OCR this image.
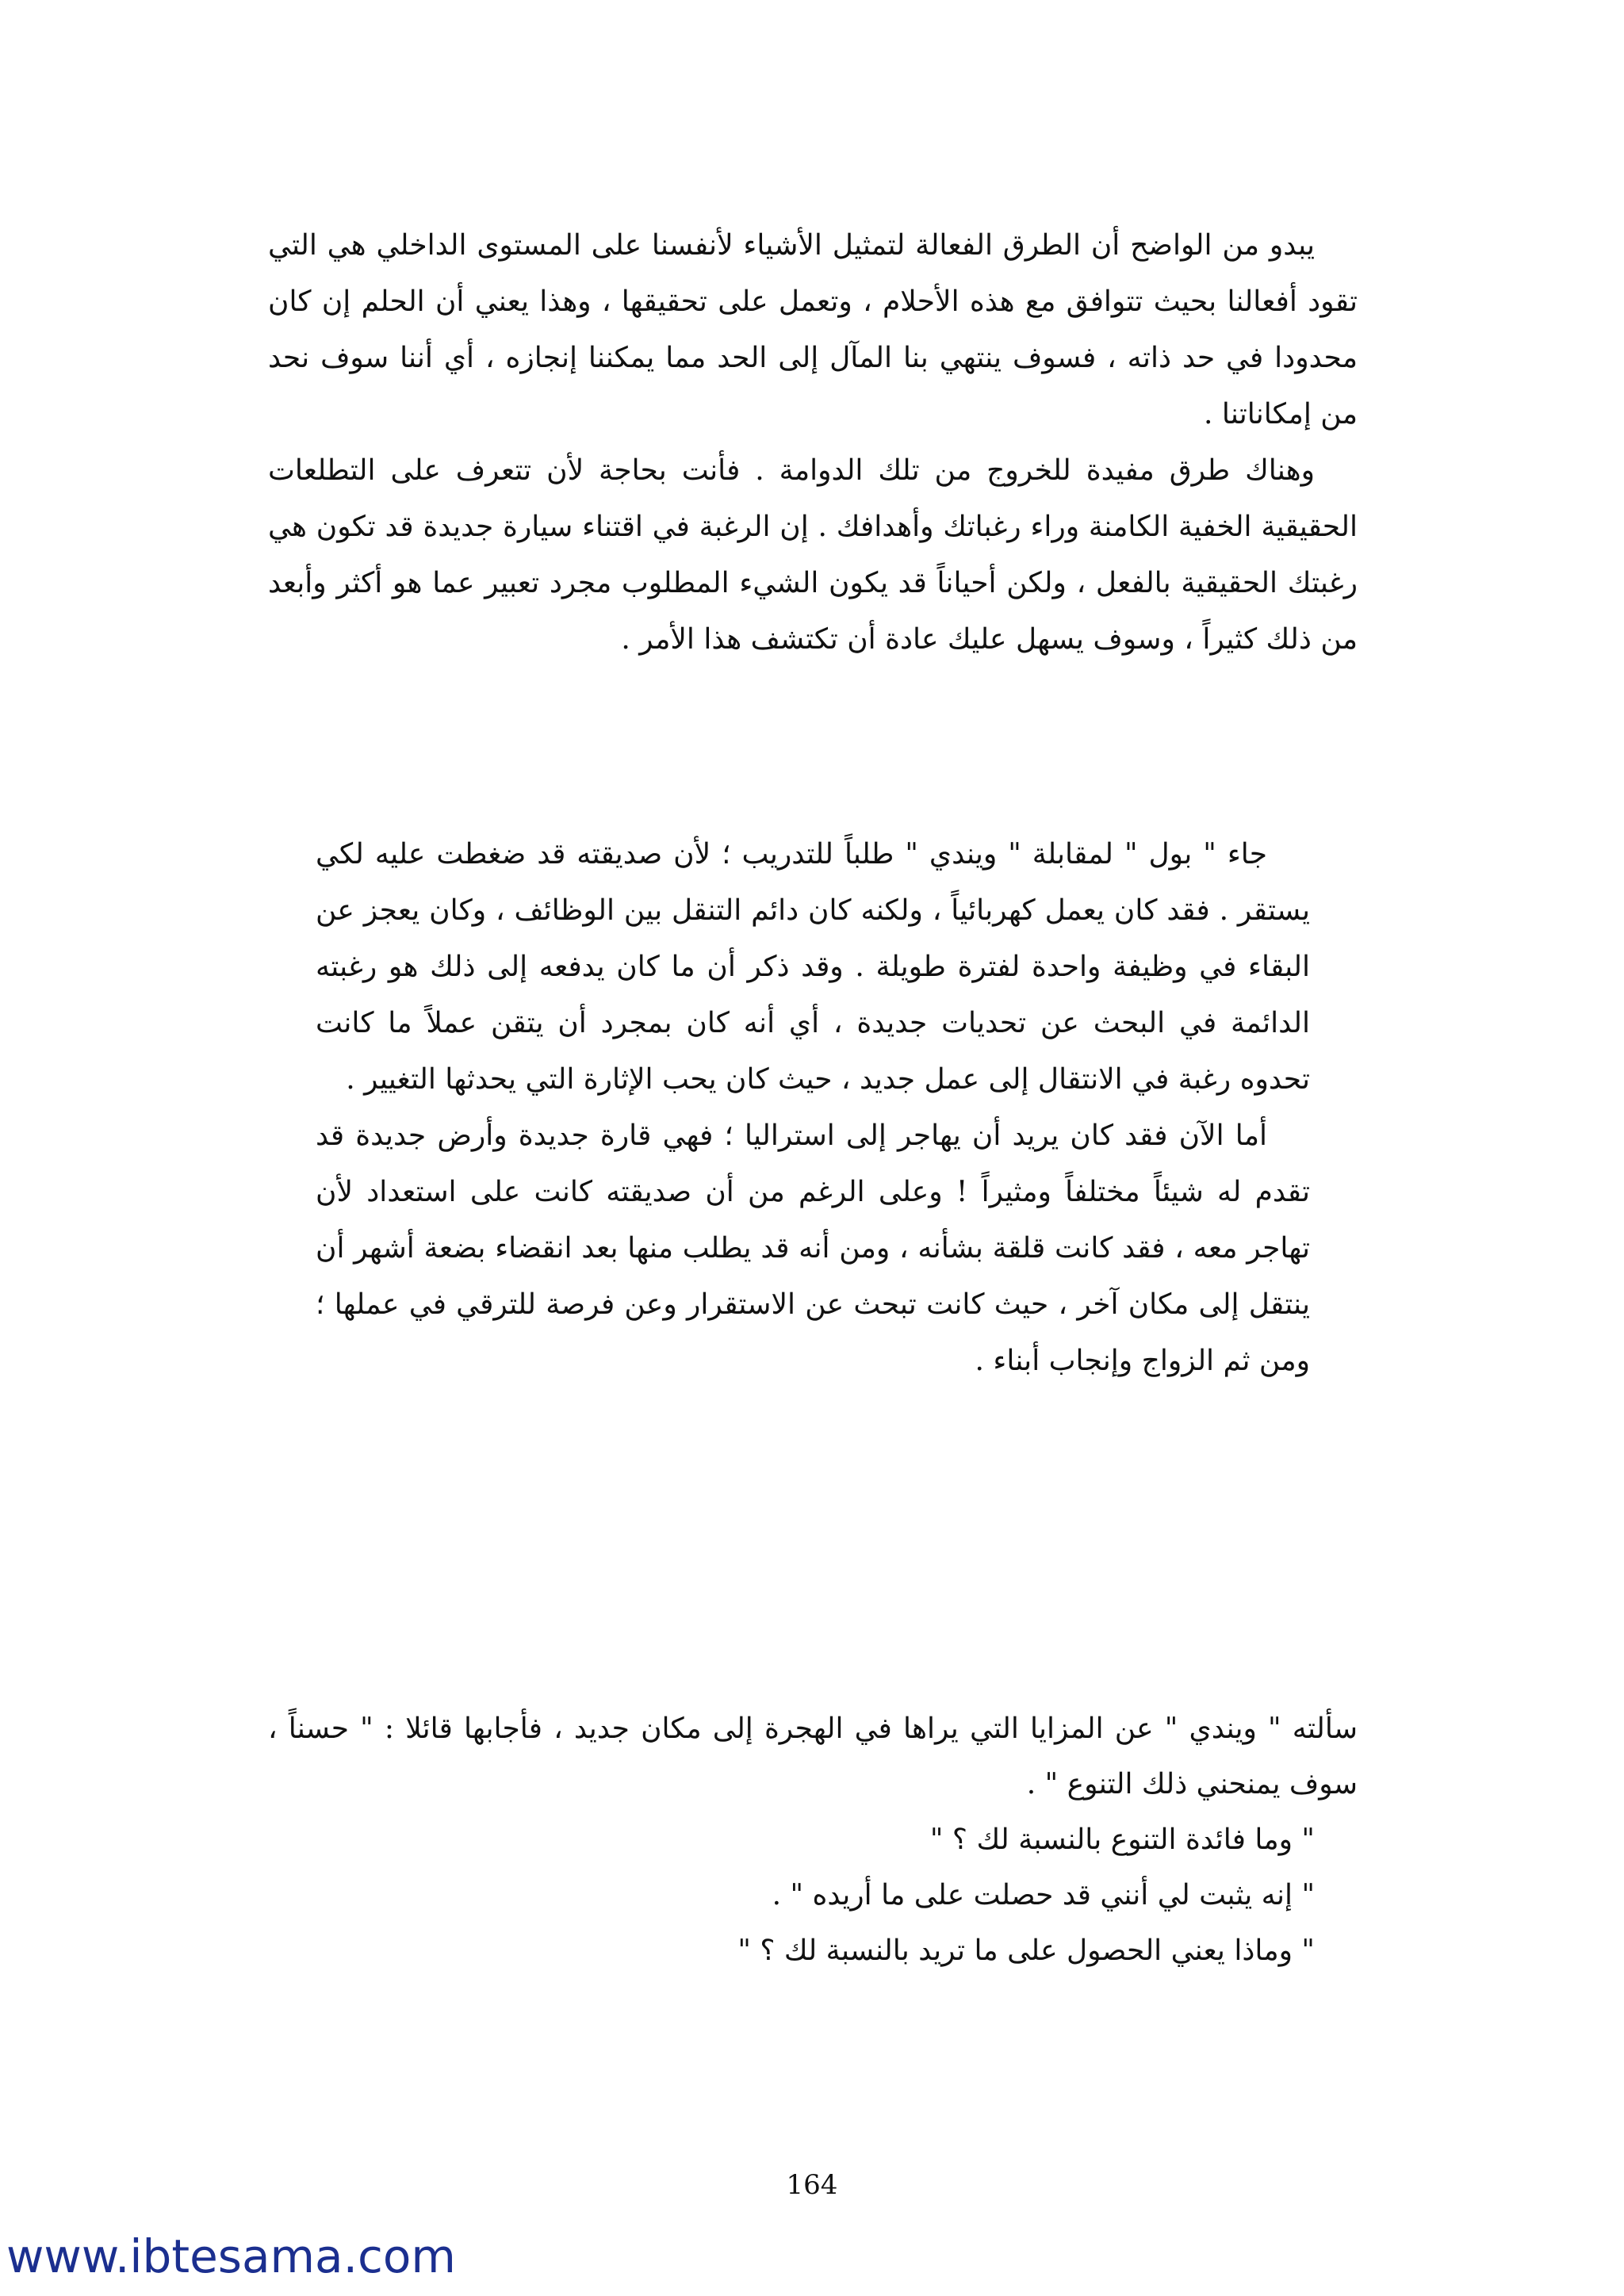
يبدو من الواضح أن الطرق الفعالة لتمثيل الأشياء لأنفسنا على المستوى الداخلي هي التي تقود أفعالنا بحيث تتوافق مع هذه الأحلام ، وتعمل على تحقيقها ، وهذا يعني أن الحلم إن كان محدودا في حد ذاته ، فسوف ينتهي بنا المآل إلى الحد مما يمكننا إنجازه ، أي أننا سوف نحد من إمكاناتنا .

وهناك طرق مفيدة للخروج من تلك الدوامة . فأنت بحاجة لأن تتعرف على التطلعات الحقيقية الخفية الكامنة وراء رغباتك وأهدافك . إن الرغبة في اقتناء سيارة جديدة قد تكون هي رغبتك الحقيقية بالفعل ، ولكن أحياناً قد يكون الشيء المطلوب مجرد تعبير عما هو أكثر وأبعد من ذلك كثيراً ، وسوف يسهل عليك عادة أن تكتشف هذا الأمر .

جاء " بول " لمقابلة " ويندي " طلباً للتدريب ؛ لأن صديقته قد ضغطت عليه لكي يستقر . فقد كان يعمل كهربائياً ، ولكنه كان دائم التنقل بين الوظائف ، وكان يعجز عن البقاء في وظيفة واحدة لفترة طويلة . وقد ذكر أن ما كان يدفعه إلى ذلك هو رغبته الدائمة في البحث عن تحديات جديدة ، أي أنه كان بمجرد أن يتقن عملاً ما كانت تحدوه رغبة في الانتقال إلى عمل جديد ، حيث كان يحب الإثارة التي يحدثها التغيير .

أما الآن فقد كان يريد أن يهاجر إلى استراليا ؛ فهي قارة جديدة وأرض جديدة قد تقدم له شيئاً مختلفاً ومثيراً ! وعلى الرغم من أن صديقته كانت على استعداد لأن تهاجر معه ، فقد كانت قلقة بشأنه ، ومن أنه قد يطلب منها بعد انقضاء بضعة أشهر أن ينتقل إلى مكان آخر ، حيث كانت تبحث عن الاستقرار وعن فرصة للترقي في عملها ؛ ومن ثم الزواج وإنجاب أبناء .

سألته " ويندي " عن المزايا التي يراها في الهجرة إلى مكان جديد ، فأجابها قائلا : " حسناً ، سوف يمنحني ذلك التنوع " .

" وما فائدة التنوع بالنسبة لك ؟ "

" إنه يثبت لي أنني قد حصلت على ما أريده " .

" وماذا يعني الحصول على ما تريد بالنسبة لك ؟ "

164
www.ibtesama.com
